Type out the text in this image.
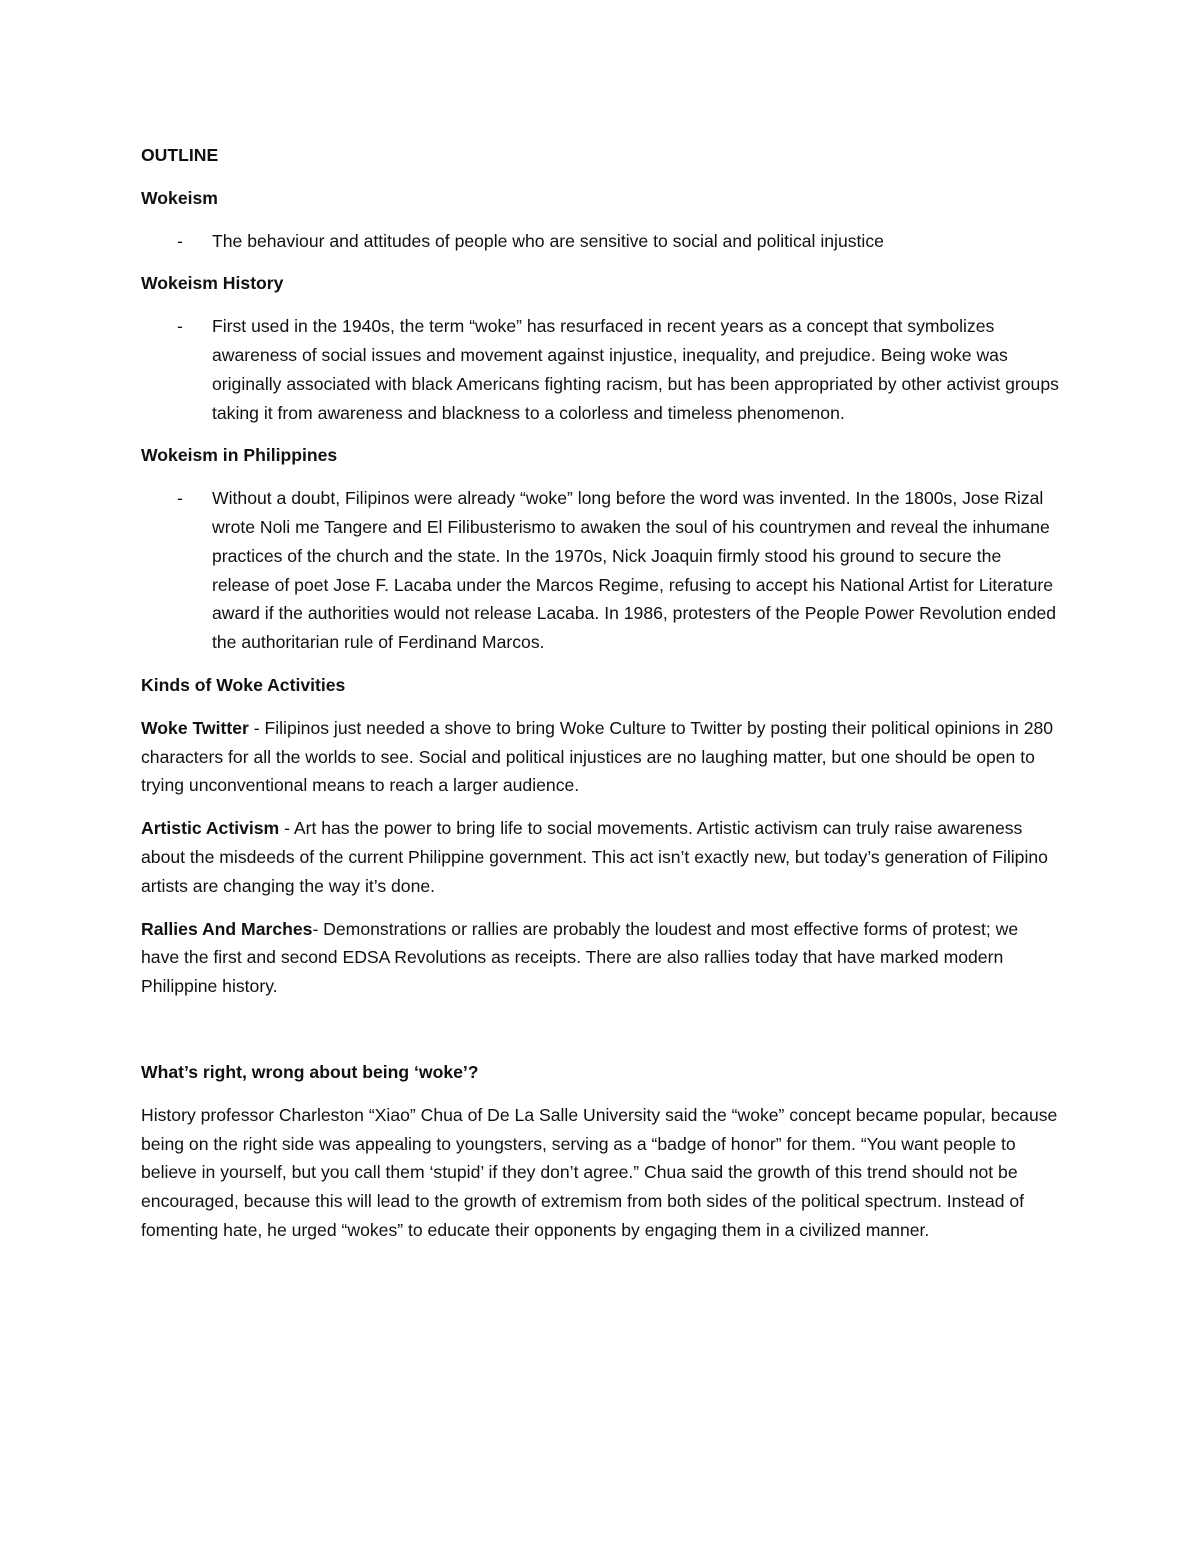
OUTLINE
Wokeism
-	The behaviour and attitudes of people who are sensitive to social and political injustice
Wokeism History
-	First used in the 1940s, the term “woke” has resurfaced in recent years as a concept that symbolizes awareness of social issues and movement against injustice, inequality, and prejudice. Being woke was originally associated with black Americans fighting racism, but has been appropriated by other activist groups taking it from awareness and blackness to a colorless and timeless phenomenon.
Wokeism in Philippines
-	Without a doubt, Filipinos were already “woke” long before the word was invented. In the 1800s, Jose Rizal wrote Noli me Tangere and El Filibusterismo to awaken the soul of his countrymen and reveal the inhumane practices of the church and the state. In the 1970s, Nick Joaquin firmly stood his ground to secure the release of poet Jose F. Lacaba under the Marcos Regime, refusing to accept his National Artist for Literature award if the authorities would not release Lacaba. In 1986, protesters of the People Power Revolution ended the authoritarian rule of Ferdinand Marcos.
Kinds of Woke Activities
Woke Twitter - Filipinos just needed a shove to bring Woke Culture to Twitter by posting their political opinions in 280 characters for all the worlds to see. Social and political injustices are no laughing matter, but one should be open to trying unconventional means to reach a larger audience.
Artistic Activism - Art has the power to bring life to social movements. Artistic activism can truly raise awareness about the misdeeds of the current Philippine government. This act isn’t exactly new, but today’s generation of Filipino artists are changing the way it’s done.
Rallies And Marches- Demonstrations or rallies are probably the loudest and most effective forms of protest; we have the first and second EDSA Revolutions as receipts. There are also rallies today that have marked modern Philippine history.
What’s right, wrong about being ‘woke’?
History professor Charleston “Xiao” Chua of De La Salle University said the “woke” concept became popular, because being on the right side was appealing to youngsters, serving as a “badge of honor” for them. “You want people to believe in yourself, but you call them ‘stupid’ if they don’t agree.” Chua said the growth of this trend should not be encouraged, because this will lead to the growth of extremism from both sides of the political spectrum. Instead of fomenting hate, he urged “wokes” to educate their opponents by engaging them in a civilized manner.
